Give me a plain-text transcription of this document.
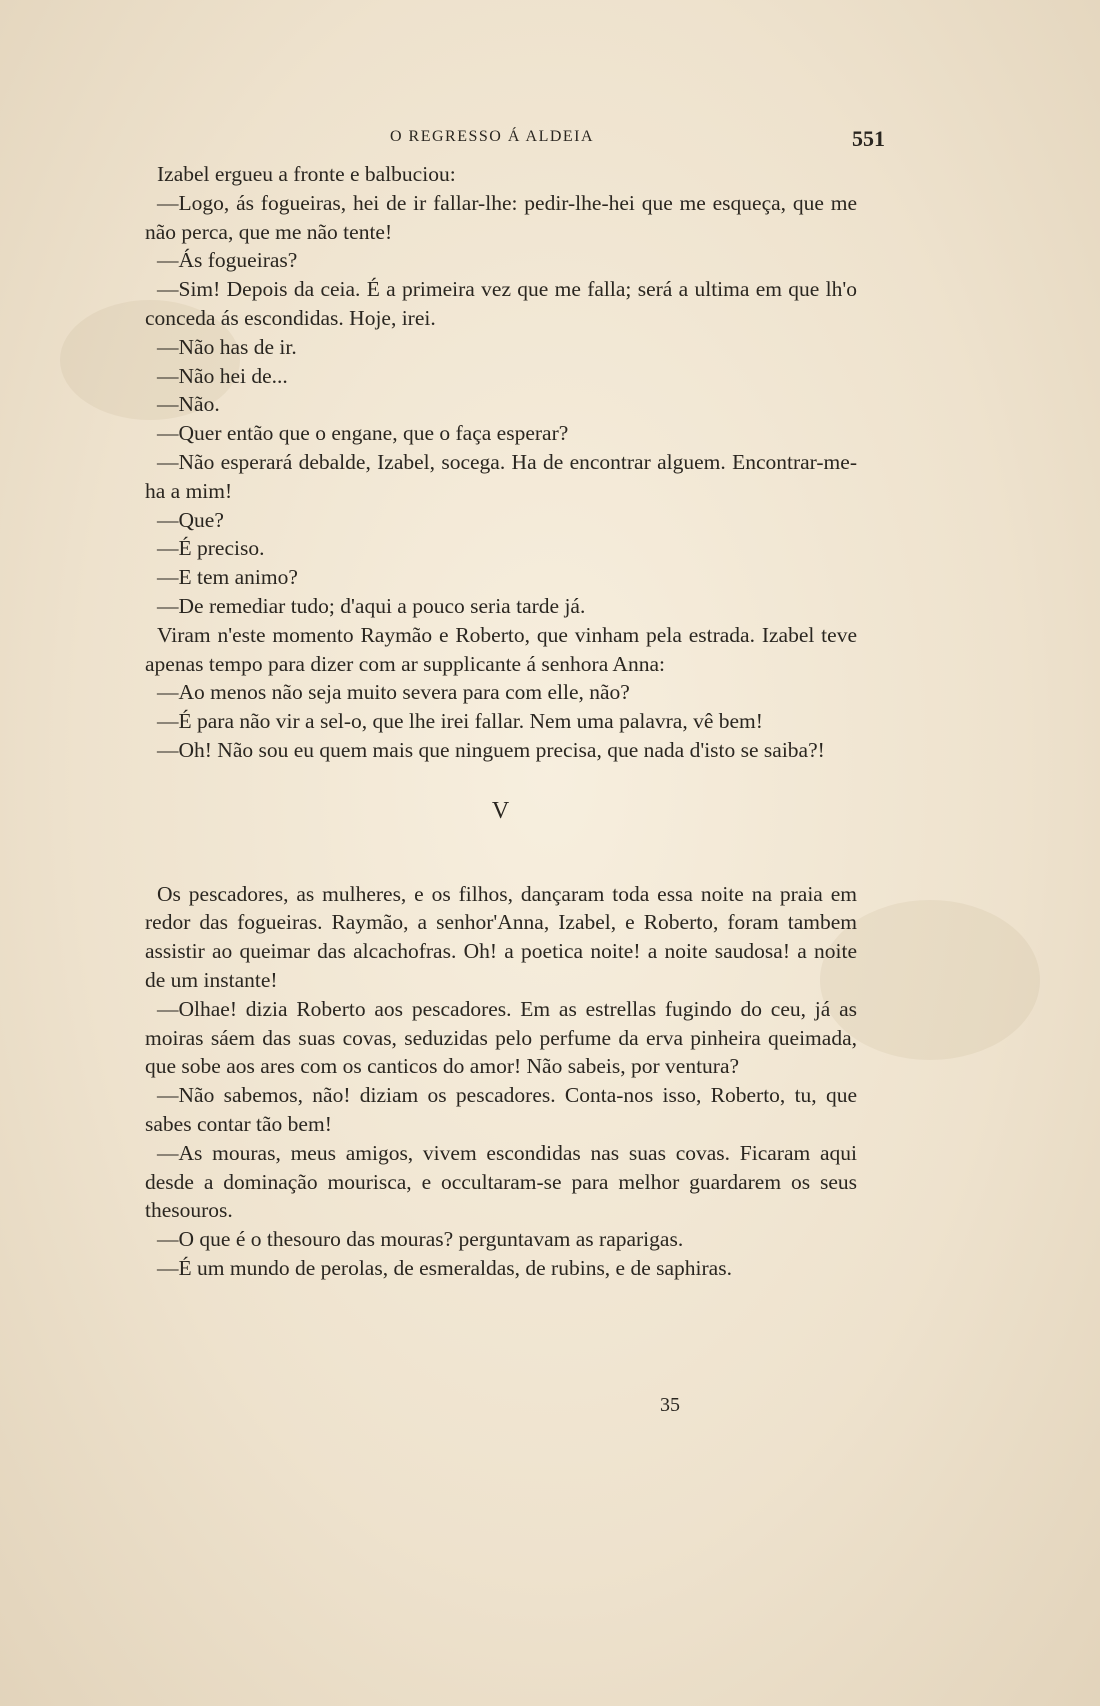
O REGRESSO Á ALDEIA	551

Izabel ergueu a fronte e balbuciou:

—Logo, ás fogueiras, hei de ir fallar-lhe: pedir-lhe-hei que me esqueça, que me não perca, que me não tente!

—Ás fogueiras?

—Sim! Depois da ceia. É a primeira vez que me falla; será a ultima em que lh'o conceda ás escondidas. Hoje, irei.

—Não has de ir.

—Não hei de...

—Não.

—Quer então que o engane, que o faça esperar?

—Não esperará debalde, Izabel, socega. Ha de encontrar alguem. Encontrar-me-ha a mim!

—Que?

—É preciso.

—E tem animo?

—De remediar tudo; d'aqui a pouco seria tarde já.

Viram n'este momento Raymão e Roberto, que vinham pela estrada. Izabel teve apenas tempo para dizer com ar supplicante á senhora Anna:

—Ao menos não seja muito severa para com elle, não?

—É para não vir a sel-o, que lhe irei fallar. Nem uma palavra, vê bem!

—Oh! Não sou eu quem mais que ninguem precisa, que nada d'isto se saiba?!

V

Os pescadores, as mulheres, e os filhos, dançaram toda essa noite na praia em redor das fogueiras. Raymão, a senhor'Anna, Izabel, e Roberto, foram tambem assistir ao queimar das alcachofras. Oh! a poetica noite! a noite saudosa! a noite de um instante!

—Olhae! dizia Roberto aos pescadores. Em as estrellas fugindo do ceu, já as moiras sáem das suas covas, seduzidas pelo perfume da erva pinheira queimada, que sobe aos ares com os canticos do amor! Não sabeis, por ventura?

—Não sabemos, não! diziam os pescadores. Conta-nos isso, Roberto, tu, que sabes contar tão bem!

—As mouras, meus amigos, vivem escondidas nas suas covas. Ficaram aqui desde a dominação mourisca, e occultaram-se para melhor guardarem os seus thesouros.

—O que é o thesouro das mouras? perguntavam as raparigas.

—É um mundo de perolas, de esmeraldas, de rubins, e de saphiras.

35
